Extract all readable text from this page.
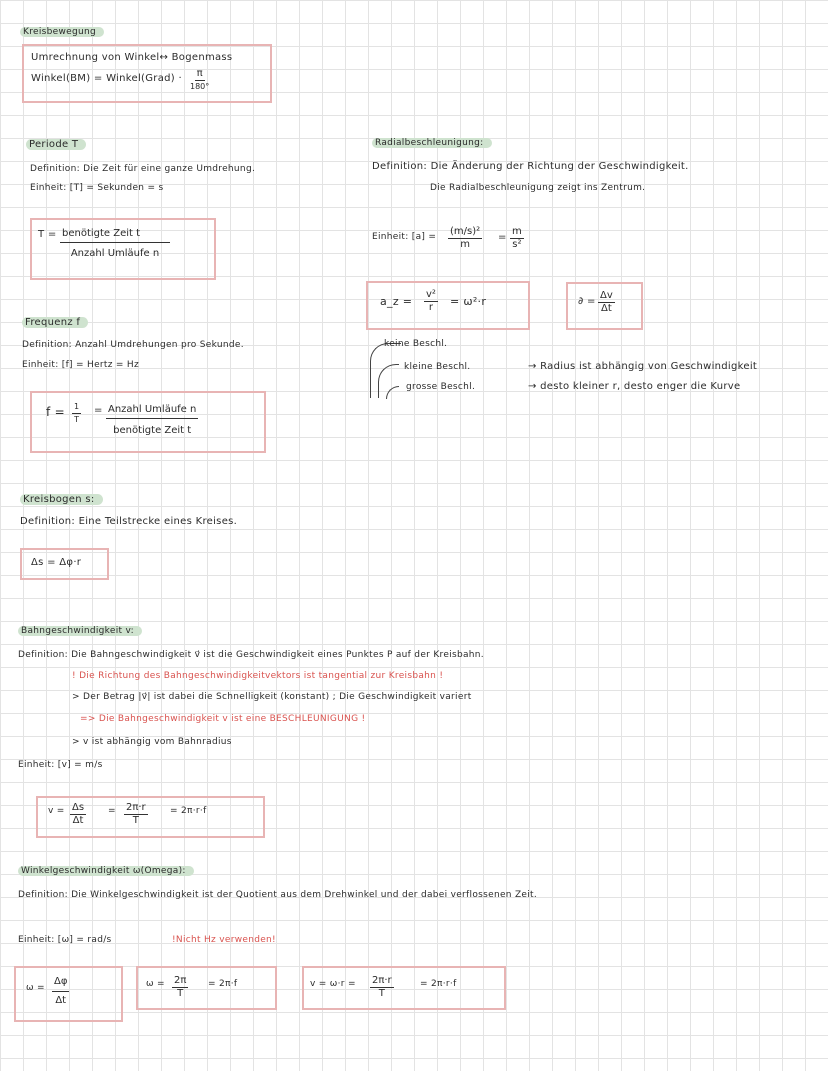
Kreisbewegung
Umrechnung von Winkel↔ Bogenmass
Winkel(BM) = Winkel(Grad) · π
180°
Periode T
Definition: Die Zeit für eine ganze Umdrehung.
Einheit: [T] = Sekunden = s
T = benötigte Zeit t
Anzahl Umläufe n
Frequenz f
Definition: Anzahl Umdrehungen pro Sekunde.
Einheit: [f] = Hertz = Hz
$f = \frac{1}{T}$ = Anzahl Umläufe n
benötigte Zeit t
Kreisbogen s:
Definition: Eine Teilstrecke eines Kreises.
Δs = Δφ·r
Radialbeschleunigung:
Definition: Die Änderung der Richtung der Geschwindigkeit.
Die Radialbeschleunigung zeigt ins Zentrum.
Einheit: $[a] = \frac{\text{(m/s)²}}{m} = \frac{m}{\text{s²}}$
a_z = $\frac{\text{v²}}{r} = \omega^2\cdot r$	∂ = $\frac{\Delta v}{\Delta t}$
keine Beschl.
kleine Beschl.
grosse Beschl.
→ Radius ist abhängig von Geschwindigkeit
→ desto kleiner r, desto enger die Kurve
Bahngeschwindigkeit v:
Definition: Die Bahngeschwindigkeit v⃗ ist die Geschwindigkeit eines Punktes P auf der Kreisbahn.
! Die Richtung des Bahngeschwindigkeitvektors ist tangential zur Kreisbahn !
> Der Betrag |v⃗| ist dabei die Schnelligkeit (konstant) ; Die Geschwindigkeit variert
=> Die Bahngeschwindigkeit v ist eine BESCHLEUNIGUNG !
> v ist abhängig vom Bahnradius
Einheit: [v] = m/s
$v = \frac{\Delta s}{\Delta t} = \frac{2\pi\cdot r}{T} = 2\pi\cdot r\cdot f$
Winkelgeschwindigkeit ω(Omega):
Definition: Die Winkelgeschwindigkeit ist der Quotient aus dem Drehwinkel und der dabei verflossenen Zeit.
Einheit: [ω] = rad/s	!Nicht Hz verwenden!
$\omega = \frac{\Delta\varphi}{\Delta t}$	$\omega = \frac{2\pi}{T} = 2\pi\cdot f$	$v = \omega\cdot r = \frac{2\pi\cdot r}{T}$	= 2π·r·f
